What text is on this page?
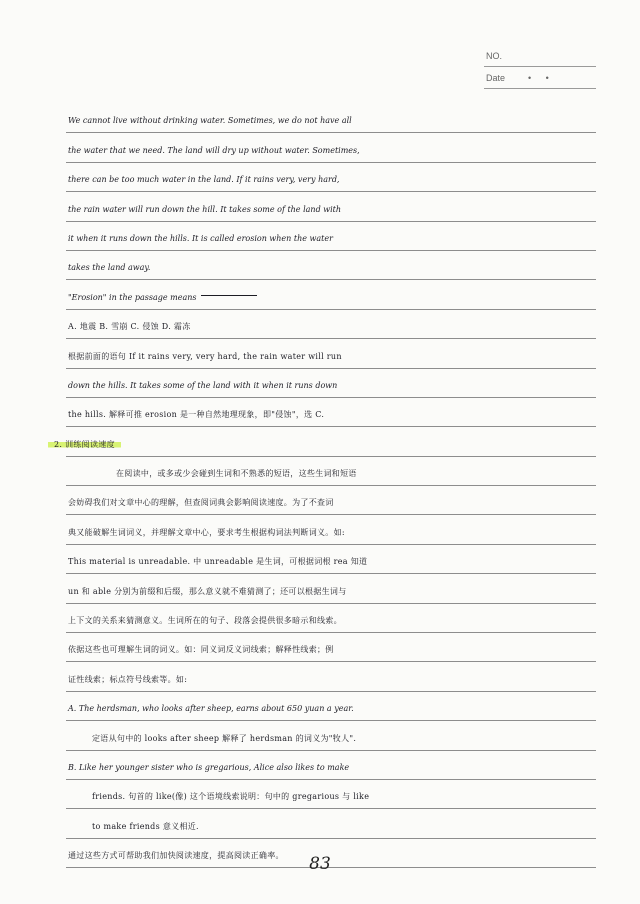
NO.
Date	• •
We cannot live without drinking water. Sometimes, we do not have all
the water that we need. The land will dry up without water. Sometimes,
there can be too much water in the land. If it rains very, very hard,
the rain water will run down the hill. It takes some of the land with
it when it runs down the hills. It is called erosion when the water
takes the land away.
"Erosion" in the passage means
A. 地震 B. 雪崩 C. 侵蚀 D. 霜冻
根据前面的语句 If it rains very, very hard, the rain water will run
down the hills. It takes some of the land with it when it runs down
the hills. 解释可推 erosion 是一种自然地理现象，即"侵蚀"，选 C.
2. 训练阅读速度
在阅读中，或多或少会碰到生词和不熟悉的短语，这些生词和短语
会妨碍我们对文章中心的理解，但查阅词典会影响阅读速度。为了不查词
典又能破解生词词义，并理解文章中心，要求考生根据构词法判断词义。如:
This material is unreadable. 中 unreadable 是生词，可根据词根 rea 知道
un 和 able 分别为前缀和后缀，那么意义就不难猜测了；还可以根据生词与
上下文的关系来猜测意义。生词所在的句子、段落会提供很多暗示和线索。
依据这些也可理解生词的词义。如：同义词反义词线索；解释性线索；例
证性线索；标点符号线索等。如:
A. The herdsman, who looks after sheep, earns about 650 yuan a year.
定语从句中的 looks after sheep 解释了 herdsman 的词义为"牧人".
B. Like her younger sister who is gregarious, Alice also likes to make
friends. 句首的 like(像) 这个语境线索说明：句中的 gregarious 与 like
to make friends 意义相近.
通过这些方式可帮助我们加快阅读速度，提高阅读正确率。	83
